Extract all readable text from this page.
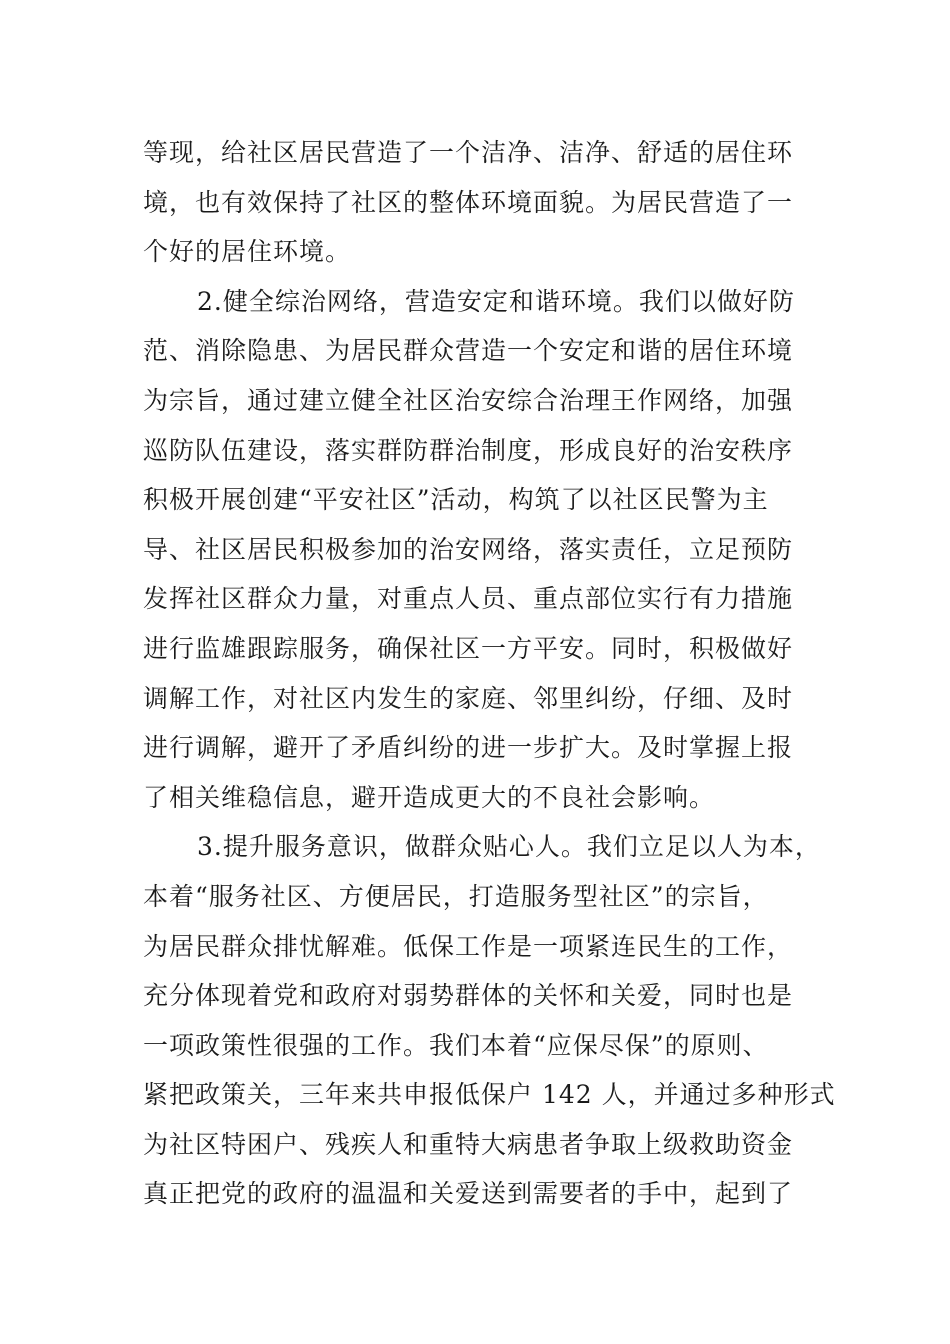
等现，给社区居民营造了一个洁净、洁净、舒适的居住环
境，也有效保持了社区的整体环境面貌。为居民营造了一
个好的居住环境。
2.健全综治网络，营造安定和谐环境。我们以做好防
范、消除隐患、为居民群众营造一个安定和谐的居住环境
为宗旨，通过建立健全社区治安综合治理王作网络，加强
巡防队伍建设，落实群防群治制度，形成良好的治安秩序
积极开展创建“平安社区”活动，构筑了以社区民警为主
导、社区居民积极参加的治安网络，落实责任，立足预防
发挥社区群众力量，对重点人员、重点部位实行有力措施
进行监雄跟踪服务，确保社区一方平安。同时，积极做好
调解工作，对社区内发生的家庭、邻里纠纷，仔细、及时
进行调解，避开了矛盾纠纷的进一步扩大。及时掌握上报
了相关维稳信息，避开造成更大的不良社会影响。
3.提升服务意识，做群众贴心人。我们立足以人为本，
本着“服务社区、方便居民，打造服务型社区”的宗旨，
为居民群众排忧解难。低保工作是一项紧连民生的工作，
充分体现着党和政府对弱势群体的关怀和关爱，同时也是
一项政策性很强的工作。我们本着“应保尽保”的原则、
紧把政策关，三年来共申报低保户 142 人，并通过多种形式
为社区特困户、残疾人和重特大病患者争取上级救助资金
真正把党的政府的温温和关爱送到需要者的手中，起到了
